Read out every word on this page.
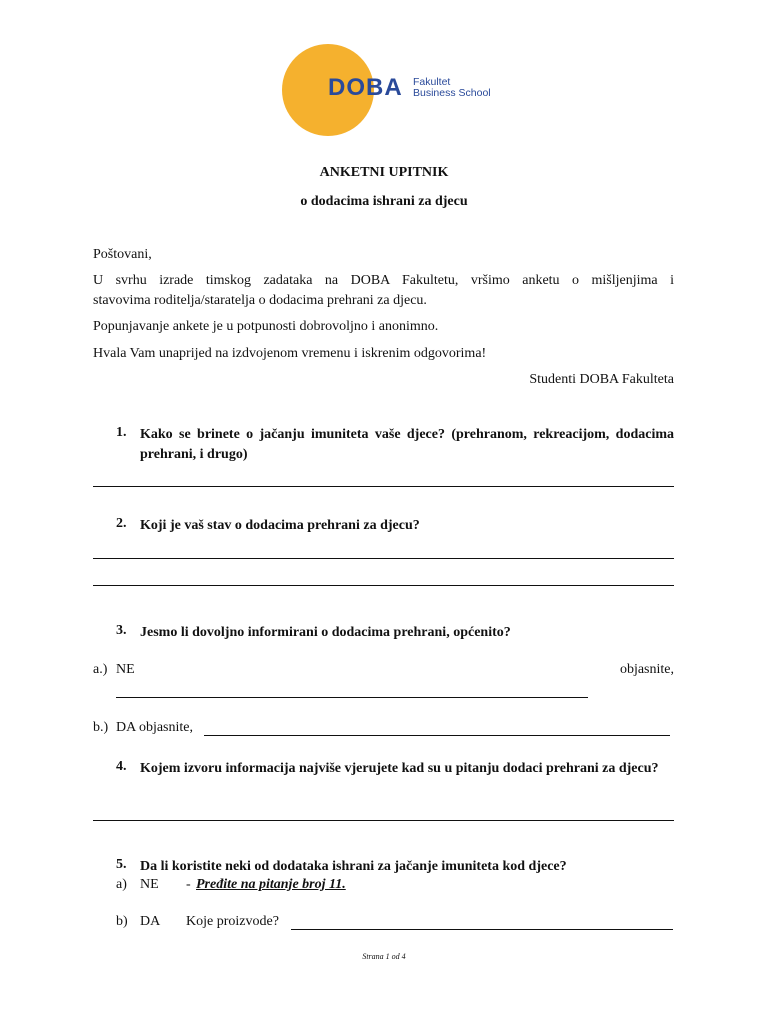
DOBA Fakultet
Business School
ANKETNI UPITNIK
o dodacima ishrani za djecu
Poštovani,
U svrhu izrade timskog zadataka na DOBA Fakultetu, vršimo anketu o mišljenjima i
stavovima roditelja/staratelja o dodacima prehrani za djecu.
Popunjavanje ankete je u potpunosti dobrovoljno i anonimno.
Hvala Vam unaprijed na izdvojenom vremenu i iskrenim odgovorima!
Studenti DOBA Fakulteta
1. Kako se brinete o jačanju imuniteta vaše djece? (prehranom, rekreacijom, dodacima prehrani, i drugo)
2. Koji je vaš stav o dodacima prehrani za djecu?
3. Jesmo li dovoljno informirani o dodacima prehrani, općenito?
a.) NE	objasnite,
b.) DA objasnite,
4. Kojem izvoru informacija najviše vjerujete kad su u pitanju dodaci prehrani za djecu?
5. Da li koristite neki od dodataka ishrani za jačanje imuniteta kod djece?
a) NE - Pređite na pitanje broj 11.
b) DA Koje proizvode?
Strana 1 od 4
